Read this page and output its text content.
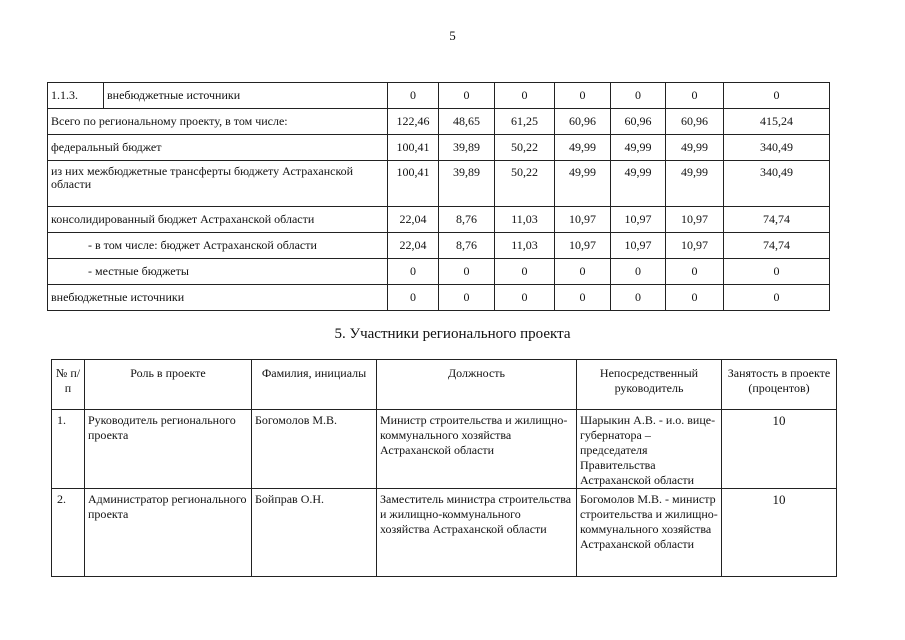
5
1.1.3.	внебюджетные источники	0	0	0	0	0	0	0
Всего по региональному проекту, в том числе:		122,46	48,65	61,25	60,96	60,96	60,96	415,24
федеральный бюджет		100,41	39,89	50,22	49,99	49,99	49,99	340,49
из них межбюджетные трансферты бюджету Астраханской области		100,41	39,89	50,22	49,99	49,99	49,99	340,49
консолидированный бюджет Астраханской области		22,04	8,76	11,03	10,97	10,97	10,97	74,74
- в том числе: бюджет Астраханской области		22,04	8,76	11,03	10,97	10,97	10,97	74,74
- местные бюджеты		0	0	0	0	0	0	0
внебюджетные источники		0	0	0	0	0	0	0
5. Участники регионального проекта
№ п/п	Роль в проекте	Фамилия, инициалы	Должность	Непосредственный руководитель	Занятость в проекте (процентов)
1.	Руководитель регионального проекта	Богомолов М.В.	Министр строительства и жилищно-коммунального хозяйства Астраханской области	Шарыкин А.В. - и.о. вице-губернатора – председателя Правительства Астраханской области	10
2.	Администратор регионального проекта	Бойправ О.Н.	Заместитель министра строительства и жилищно-коммунального хозяйства Астраханской области	Богомолов М.В. - министр строительства и жилищно-коммунального хозяйства Астраханской области	10
